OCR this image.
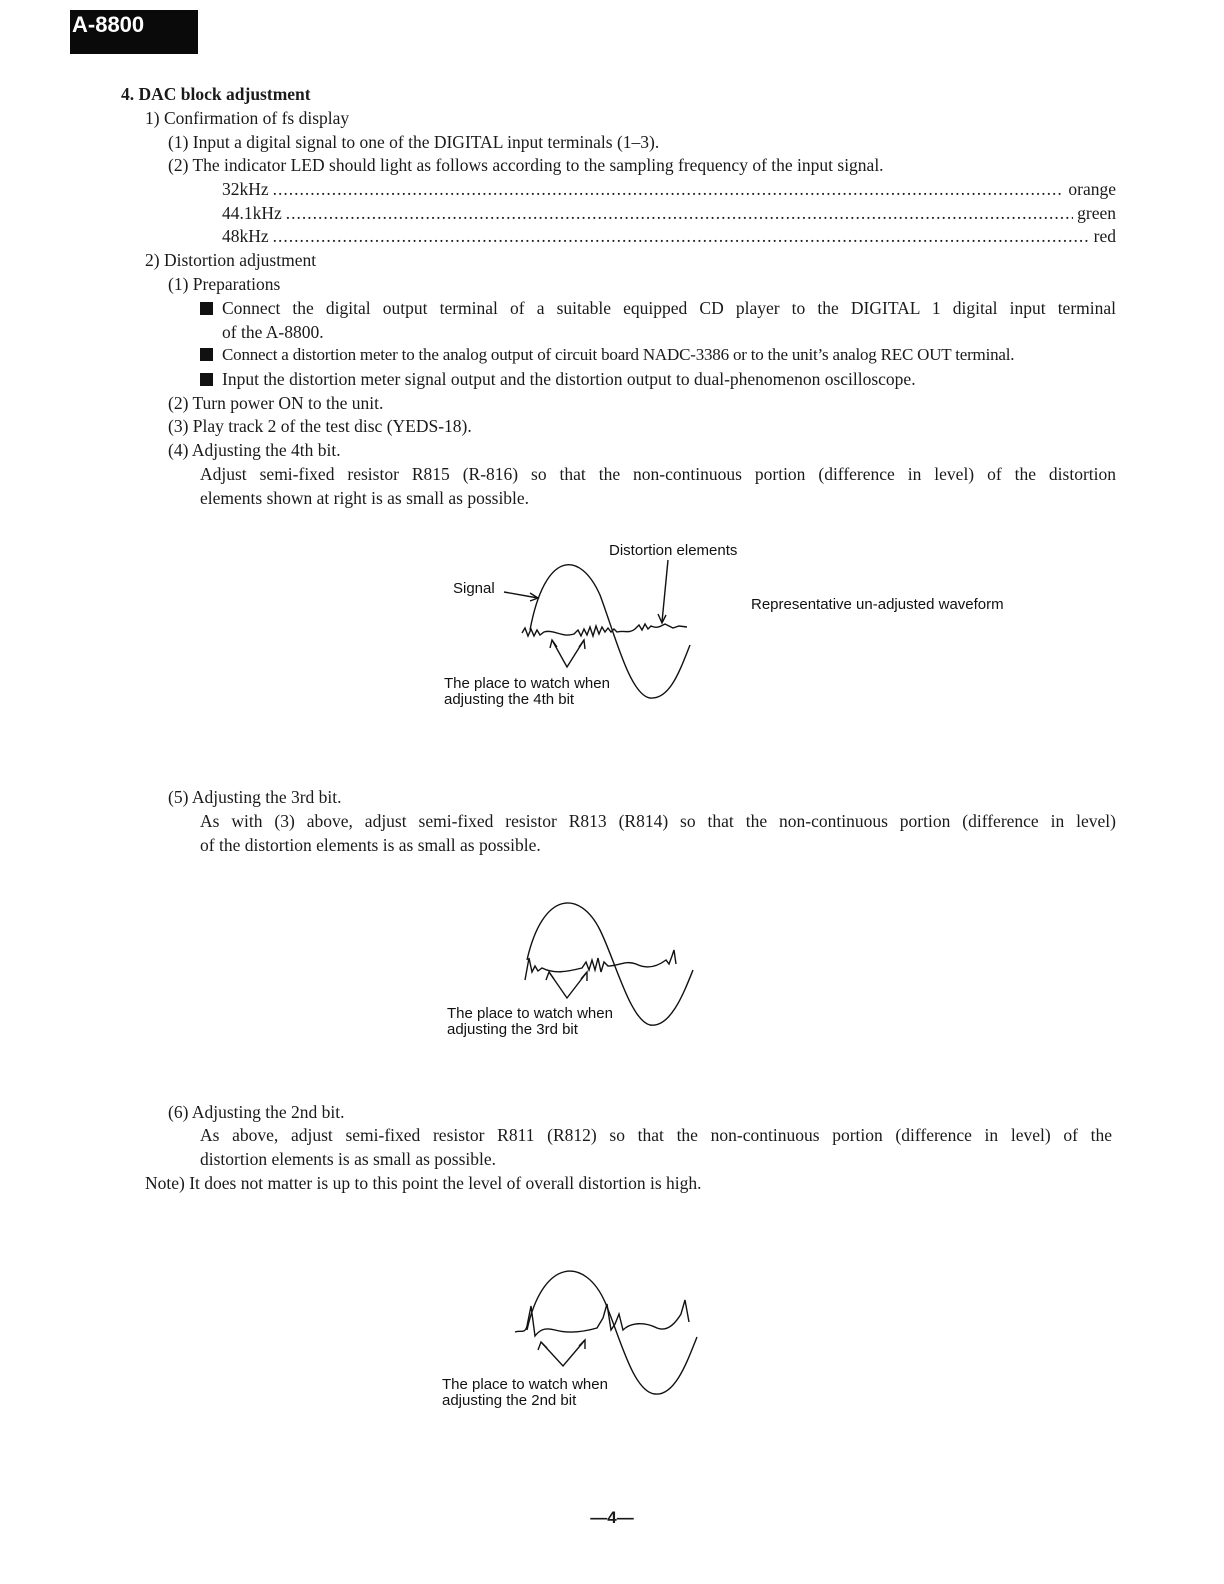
A-8800
4. DAC block adjustment
1) Confirmation of fs display
(1) Input a digital signal to one of the DIGITAL input terminals (1–3).
(2) The indicator LED should light as follows according to the sampling frequency of the input signal.
32kHz .....	orange
44.1kHz .....	green
48kHz .....	red
2) Distortion adjustment
(1) Preparations
Connect the digital output terminal of a suitable equipped CD player to the DIGITAL 1 digital input terminal
of the A-8800.
Connect a distortion meter to the analog output of circuit board NADC-3386 or to the unit’s analog REC OUT terminal.
Input the distortion meter signal output and the distortion output to dual-phenomenon oscilloscope.
(2) Turn power ON to the unit.
(3) Play track 2 of the test disc (YEDS-18).
(4) Adjusting the 4th bit.
Adjust semi-fixed resistor R815 (R-816) so that the non-continuous portion (difference in level) of the distortion
elements shown at right is as small as possible.
Distortion elements
Signal
Representative un-adjusted waveform
The place to watch when
adjusting the 4th bit
(5) Adjusting the 3rd bit.
As with (3) above, adjust semi-fixed resistor R813 (R814) so that the non-continuous portion (difference in level)
of the distortion elements is as small as possible.
The place to watch when
adjusting the 3rd bit
(6) Adjusting the 2nd bit.
As above, adjust semi-fixed resistor R811 (R812) so that the non-continuous portion (difference in level) of the
distortion elements is as small as possible.
Note) It does not matter is up to this point the level of overall distortion is high.
The place to watch when
adjusting the 2nd bit
—4—
